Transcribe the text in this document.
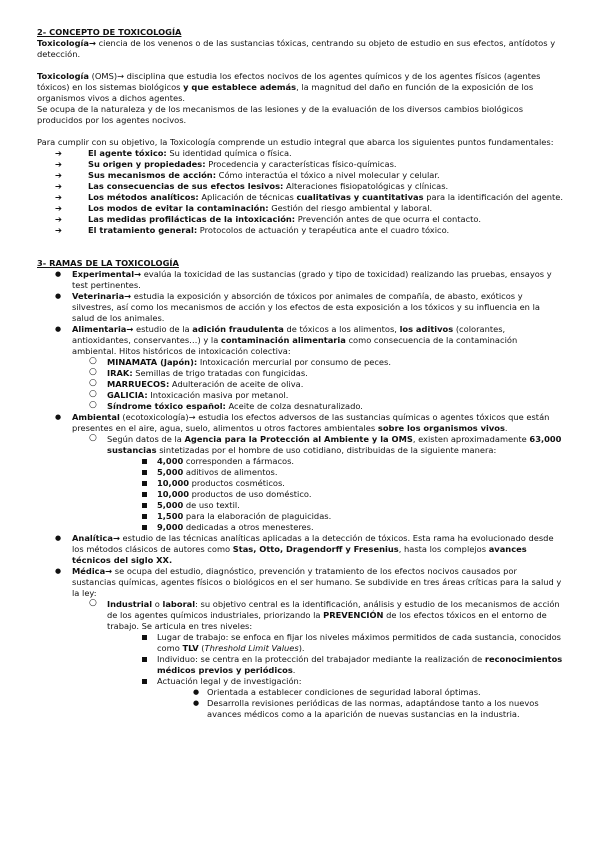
2- CONCEPTO DE TOXICOLOGÍA

Toxicología→ ciencia de los venenos o de las sustancias tóxicas, centrando su objeto de estudio en sus efectos, antídotos y detección.

Toxicología (OMS)→ disciplina que estudia los efectos nocivos de los agentes químicos y de los agentes físicos (agentes tóxicos) en los sistemas biológicos y que establece además, la magnitud del daño en función de la exposición de los organismos vivos a dichos agentes.

Se ocupa de la naturaleza y de los mecanismos de las lesiones y de la evaluación de los diversos cambios biológicos producidos por los agentes nocivos.

Para cumplir con su objetivo, la Toxicología comprende un estudio integral que abarca los siguientes puntos fundamentales:

➔	El agente tóxico: Su identidad química o física.
➔	Su origen y propiedades: Procedencia y características físico-químicas.
➔	Sus mecanismos de acción: Cómo interactúa el tóxico a nivel molecular y celular.
➔	Las consecuencias de sus efectos lesivos: Alteraciones fisiopatológicas y clínicas.
➔	Los métodos analíticos: Aplicación de técnicas cualitativas y cuantitativas para la identificación del agente.
➔	Los modos de evitar la contaminación: Gestión del riesgo ambiental y laboral.
➔	Las medidas profilácticas de la intoxicación: Prevención antes de que ocurra el contacto.
➔	El tratamiento general: Protocolos de actuación y terapéutica ante el cuadro tóxico.

3- RAMAS DE LA TOXICOLOGÍA

● Experimental→ evalúa la toxicidad de las sustancias (grado y tipo de toxicidad) realizando las pruebas, ensayos y test pertinentes.
● Veterinaria→ estudia la exposición y absorción de tóxicos por animales de compañía, de abasto, exóticos y silvestres, así como los mecanismos de acción y los efectos de esta exposición a los tóxicos y su influencia en la salud de los animales.
● Alimentaria→ estudio de la adición fraudulenta de tóxicos a los alimentos, los aditivos (colorantes, antioxidantes, conservantes…) y la contaminación alimentaria como consecuencia de la contaminación ambiental. Hitos históricos de intoxicación colectiva:
○ MINAMATA (Japón): Intoxicación mercurial por consumo de peces.
○ IRAK: Semillas de trigo tratadas con fungicidas.
○ MARRUECOS: Adulteración de aceite de oliva.
○ GALICIA: Intoxicación masiva por metanol.
○ Síndrome tóxico español: Aceite de colza desnaturalizado.
● Ambiental (ecotoxicología)→ estudia los efectos adversos de las sustancias químicas o agentes tóxicos que están presentes en el aire, agua, suelo, alimentos u otros factores ambientales sobre los organismos vivos.
○ Según datos de la Agencia para la Protección al Ambiente y la OMS, existen aproximadamente 63,000 sustancias sintetizadas por el hombre de uso cotidiano, distribuidas de la siguiente manera:
4,000 corresponden a fármacos.
5,000 aditivos de alimentos.
10,000 productos cosméticos.
10,000 productos de uso doméstico.
5,000 de uso textil.
1,500 para la elaboración de plaguicidas.
9,000 dedicadas a otros menesteres.
● Analítica→ estudio de las técnicas analíticas aplicadas a la detección de tóxicos. Esta rama ha evolucionado desde los métodos clásicos de autores como Stas, Otto, Dragendorff y Fresenius, hasta los complejos avances técnicos del siglo XX.
● Médica→ se ocupa del estudio, diagnóstico, prevención y tratamiento de los efectos nocivos causados por sustancias químicas, agentes físicos o biológicos en el ser humano. Se subdivide en tres áreas críticas para la salud y la ley:
○ Industrial o laboral: su objetivo central es la identificación, análisis y estudio de los mecanismos de acción de los agentes químicos industriales, priorizando la PREVENCIÓN de los efectos tóxicos en el entorno de trabajo. Se articula en tres niveles:
Lugar de trabajo: se enfoca en fijar los niveles máximos permitidos de cada sustancia, conocidos como TLV (Threshold Limit Values).
Individuo: se centra en la protección del trabajador mediante la realización de reconocimientos médicos previos y periódicos.
Actuación legal y de investigación:
● Orientada a establecer condiciones de seguridad laboral óptimas.
● Desarrolla revisiones periódicas de las normas, adaptándose tanto a los nuevos avances médicos como a la aparición de nuevas sustancias en la industria.
